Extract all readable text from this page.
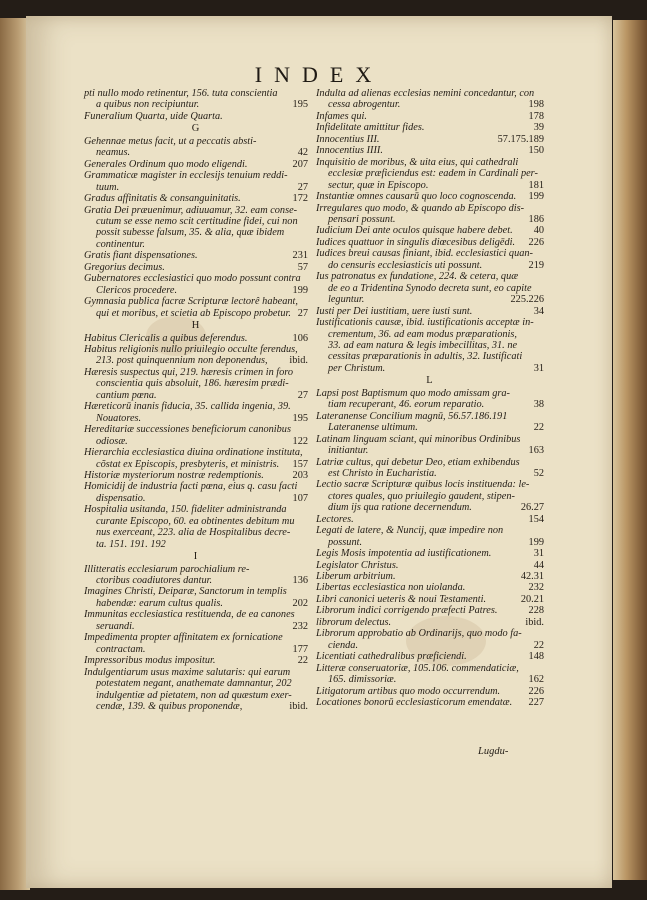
INDEX
pti nullo modo retinentur, 156. tuta conscientia
195
a quibus non recipiuntur.
Funeralium Quarta, uide Quarta.
G
Gehennae metus facit, ut a peccatis absti-
42
neamus.
207
Generales Ordinum quo modo eligendi.
Grammaticæ magister in ecclesijs tenuium reddi-
27
tuum.
172
Gradus affinitatis & consanguinitatis.
Gratia Dei præuenimur, adiuuamur, 32. eam conse-
cutum se esse nemo scit certitudine fidei, cui non
possit subesse falsum, 35. & alia, quæ ibidem
continentur.
231
Gratis fiant dispensationes.
57
Gregorius decimus.
Gubernatores ecclesiastici quo modo possunt contra
199
Clericos procedere.
Gymnasia publica facræ Scripturæ lectorê habeant,
27
qui et moribus, et scietia ab Episcopo probetur.
H
106
Habitus Clericalis a quibus deferendus.
Habitus religionis nullo priuilegio occulte ferendus,
ibid.
213. post quinquennium non deponendus,
Hæresis suspectus qui, 219. hæresis crimen in foro
conscientia quis absoluit, 186. hæresim prædi-
27
cantium pœna.
Hæreticorū inanis fiducia, 35. callida ingenia, 39.
195
Nouatores.
Hereditariæ successiones beneficiorum canonibus
122
odiosæ.
Hierarchia ecclesiastica diuina ordinatione instituta,
157
cõstat ex Episcopis, presbyteris, et ministris.
203
Historiæ mysteriorum nostræ redemptionis.
Homicidij de industria facti pœna, eius q. casu facti
107
dispensatio.
Hospitalia usitanda, 150. fideliter administranda
curante Episcopo, 60. ea obtinentes debitum mu
nus exerceant, 223. alia de Hospitalibus decre-
ta. 151. 191. 192
I
Illitteratis ecclesiarum parochialium re-
136
ctoribus coadiutores dantur.
Imagines Christi, Deiparæ, Sanctorum in templis
202
habendæ: earum cultus qualis.
Immunitas ecclesiastica restituenda, de ea canones
232
seruandi.
Impedimenta propter affinitatem ex fornicatione
177
contractam.
22
Impressoribus modus impositur.
Indulgentiarum usus maxime salutaris: qui earum
potestatem negant, anathemate damnantur, 202
indulgentiæ ad pietatem, non ad quæstum exer-
ibid.
cendæ, 139. & quibus proponendæ,
Indulta ad alienas ecclesias nemini concedantur, con
198
cessa abrogentur.
178
Infames qui.
39
Infidelitate amittitur fides.
57.175.189
Innocentius III.
150
Innocentius IIII.
Inquisitio de moribus, & uita eius, qui cathedrali
ecclesiæ præficiendus est: eadem in Cardinali per-
181
sectur, quæ in Episcopo.
199
Instantiæ omnes causarū quo loco cognoscenda.
Irregulares quo modo, & quando ab Episcopo dis-
186
pensari possunt.
40
Iudicium Dei ante oculos quisque habere debet.
226
Iudices quattuor in singulis diœcesibus deligēdi.
Iudices breui causas finiant, ibid. ecclesiastici quan-
219
do censuris ecclesiasticis uti possunt.
Ius patronatus ex fundatione, 224. & cetera, quæ
de eo a Tridentina Synodo decreta sunt, eo capite
225.226
leguntur.
34
Iusti per Dei iustitiam, uere iusti sunt.
Iustificationis causæ, ibid. iustificationis acceptæ in-
crementum, 36. ad eam modus præparationis,
33. ad eam natura & legis imbecillitas, 31. ne
cessitas præparationis in adultis, 32. Iustificati
31
per Christum.
L
Lapsi post Baptismum quo modo amissam gra-
38
tiam recuperant, 46. eorum reparatio.
Lateranense Concilium magnū, 56.57.186.191
22
Lateranense ultimum.
Latinam linguam sciant, qui minoribus Ordinibus
163
initiantur.
Latriæ cultus, qui debetur Deo, etiam exhibendus
52
est Christo in Eucharistia.
Lectio sacræ Scripturæ quibus locis instituenda: le-
ctores quales, quo priuilegio gaudent, stipen-
26.27
dium ijs qua ratione decernendum.
154
Lectores.
Legati de latere, & Nuncij, quæ impedire non
199
possunt.
31
Legis Mosis impotentia ad iustificationem.
44
Legislator Christus.
42.31
Liberum arbitrium.
232
Libertas ecclesiastica non uiolanda.
20.21
Libri canonici ueteris & noui Testamenti.
228
Librorum indici corrigendo præfecti Patres.
ibid.
librorum delectus.
Librorum approbatio ab Ordinarijs, quo modo fa-
22
cienda.
148
Licentiati cathedralibus præficiendi.
Litteræ conseruatoriæ, 105.106. commendaticiæ,
162
165. dimissoriæ.
226
Litigatorum artibus quo modo occurrendum.
227
Locationes bonorū ecclesiasticorum emendatæ.
Lugdu-
